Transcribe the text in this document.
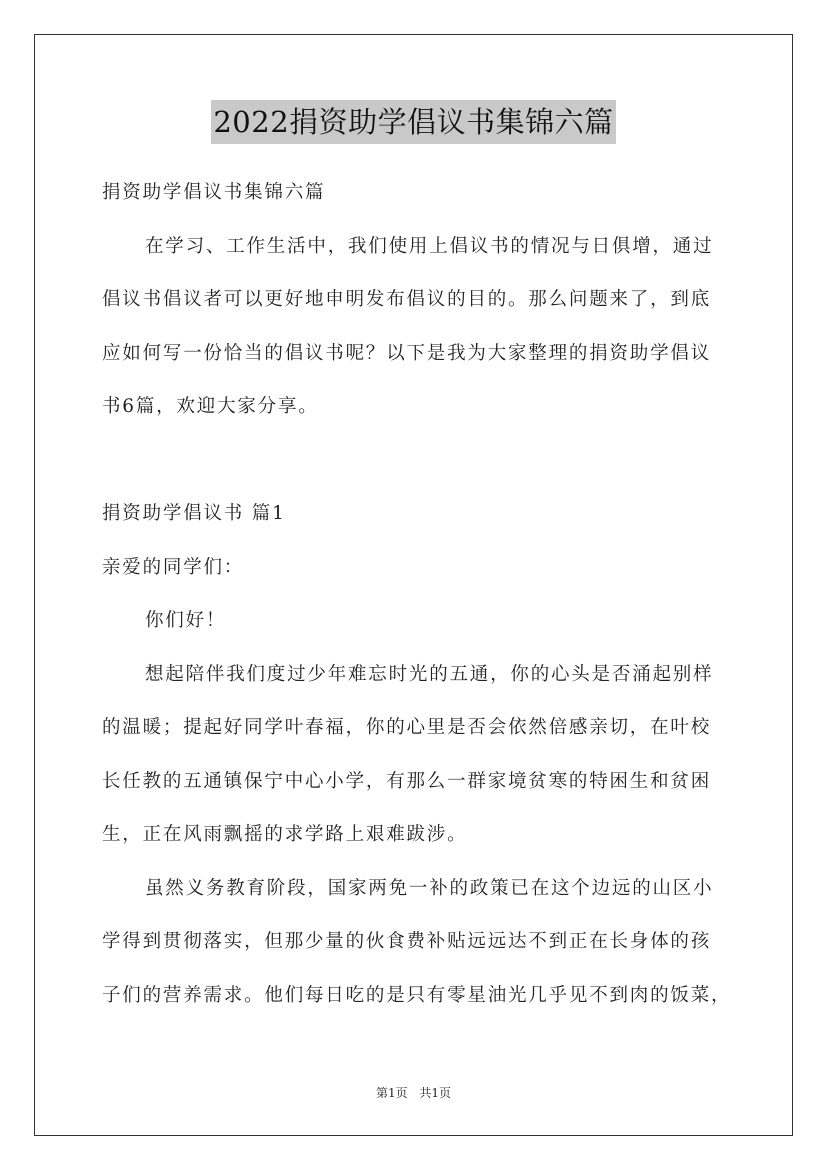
2022捐资助学倡议书集锦六篇
捐资助学倡议书集锦六篇
在学习、工作生活中，我们使用上倡议书的情况与日俱增，通过
倡议书倡议者可以更好地申明发布倡议的目的。那么问题来了，到底
应如何写一份恰当的倡议书呢？以下是我为大家整理的捐资助学倡议
书6篇，欢迎大家分享。
捐资助学倡议书 篇1
亲爱的同学们：
你们好！
想起陪伴我们度过少年难忘时光的五通，你的心头是否涌起别样
的温暖；提起好同学叶春福，你的心里是否会依然倍感亲切，在叶校
长任教的五通镇保宁中心小学，有那么一群家境贫寒的特困生和贫困
生，正在风雨飘摇的求学路上艰难跋涉。
虽然义务教育阶段，国家两免一补的政策已在这个边远的山区小
学得到贯彻落实，但那少量的伙食费补贴远远达不到正在长身体的孩
子们的营养需求。他们每日吃的是只有零星油光几乎见不到肉的饭菜，
第1页 共1页
